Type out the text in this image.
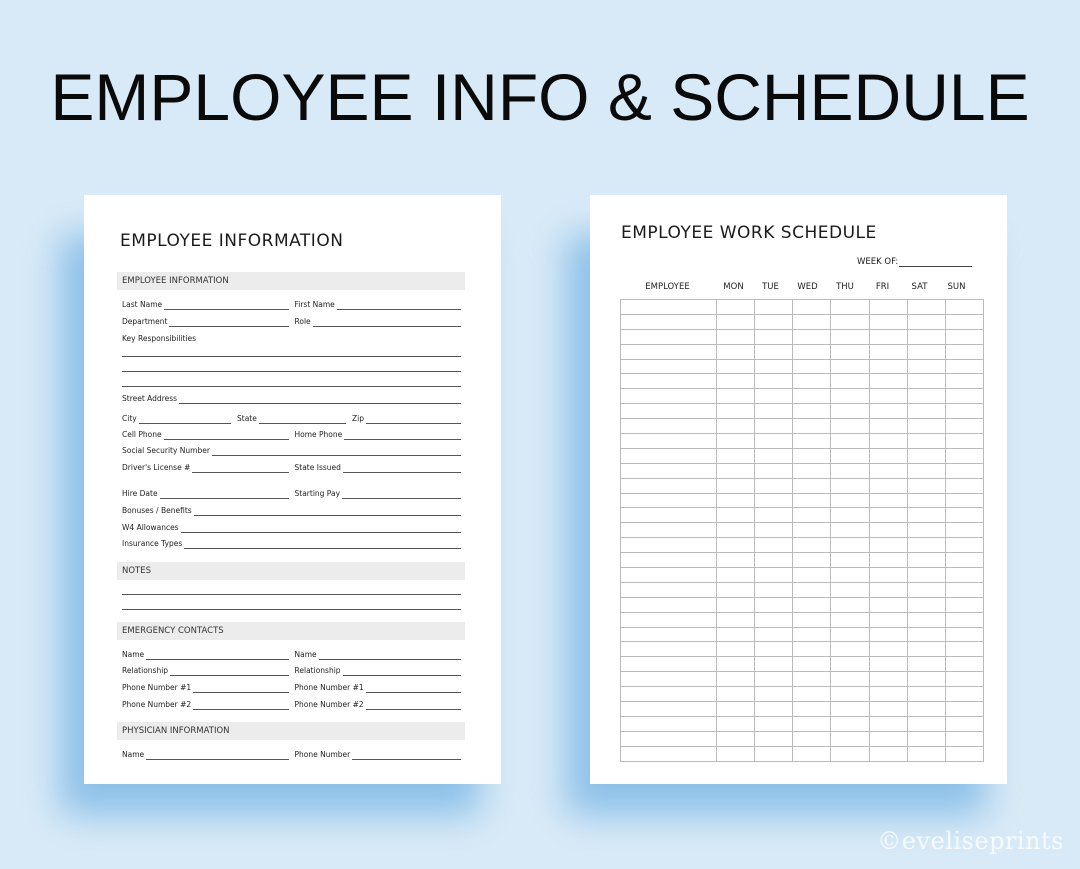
EMPLOYEE INFO & SCHEDULE
EMPLOYEE INFORMATION
EMPLOYEE INFORMATION
NOTES
EMERGENCY CONTACTS
PHYSICIAN INFORMATION
Last Name	First Name
Department	Role
Key Responsibilities
Street Address
City	State	Zip
Cell Phone	Home Phone
Social Security Number
Driver's License #	State Issued
Hire Date	Starting Pay
Bonuses / Benefits
W4 Allowances
Insurance Types
Name	Name
Relationship	Relationship
Phone Number #1	Phone Number #1
Phone Number #2	Phone Number #2
Name	Phone Number
EMPLOYEE WORK SCHEDULE
WEEK OF:
EMPLOYEE	MON	TUE	WED	THU	FRI	SAT	SUN

©eveliseprints
